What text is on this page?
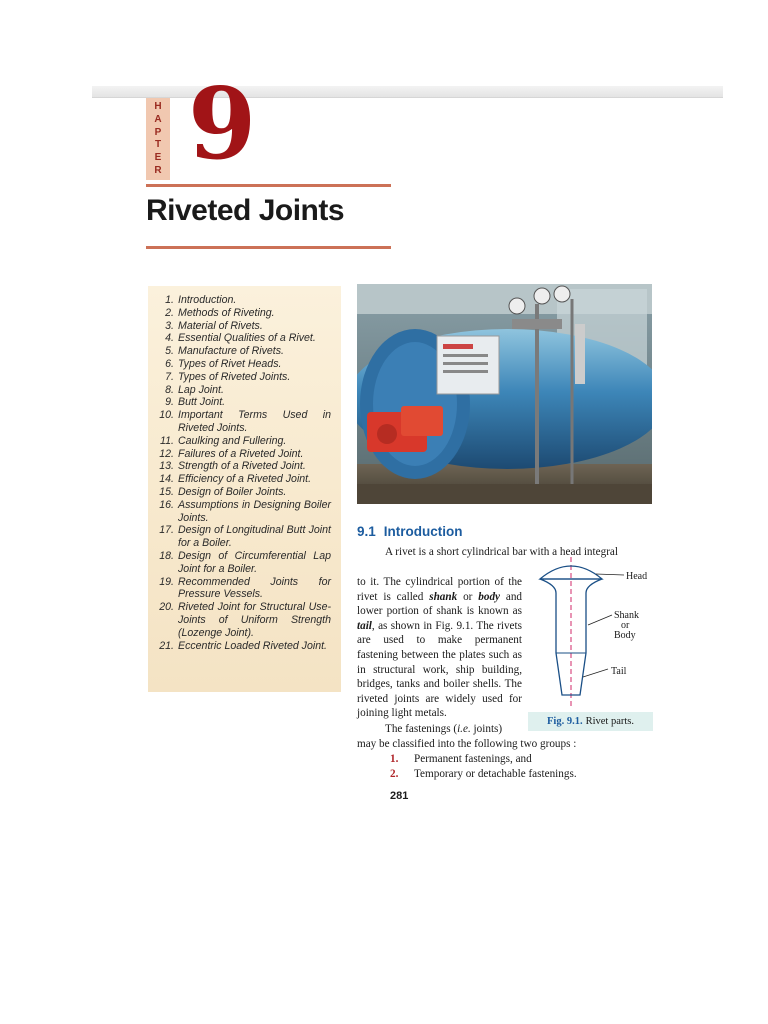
H
A
P
T
E
R 9
Riveted Joints
1. Introduction.
2. Methods of Riveting.
3. Material of Rivets.
4. Essential Qualities of a Rivet.
5. Manufacture of Rivets.
6. Types of Rivet Heads.
7. Types of Riveted Joints.
8. Lap Joint.
9. Butt Joint.
10. Important Terms Used in Riveted Joints.
11. Caulking and Fullering.
12. Failures of a Riveted Joint.
13. Strength of a Riveted Joint.
14. Efficiency of a Riveted Joint.
15. Design of Boiler Joints.
16. Assumptions in Designing Boiler Joints.
17. Design of Longitudinal Butt Joint for a Boiler.
18. Design of Circumferential Lap Joint for a Boiler.
19. Recommended Joints for Pressure Vessels.
20. Riveted Joint for Structural Use-Joints of Uniform Strength (Lozenge Joint).
21. Eccentric Loaded Riveted Joint.
9.1 Introduction

A rivet is a short cylindrical bar with a head integral

to it. The cylindrical portion of the rivet is called shank or body and lower portion of shank is known as tail, as shown in Fig. 9.1. The rivets are used to make permanent fastening between the plates such as in structural work, ship building, bridges, tanks and boiler shells. The riveted joints are widely used for joining light metals.

Head
Shank
or
Body
Tail
Fig. 9.1. Rivet parts.

The fastenings (i.e. joints)
may be classified into the following two groups :

1.	Permanent fastenings, and
2.	Temporary or detachable fastenings.
281
